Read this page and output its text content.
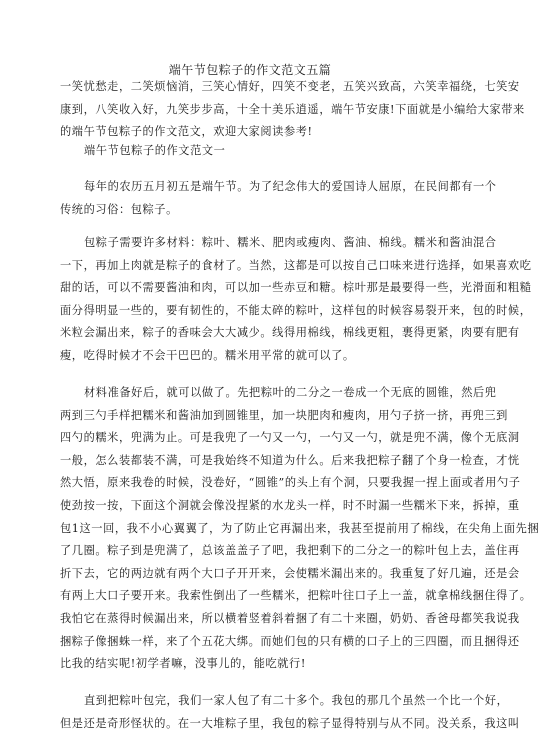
端午节包粽子的作文范文五篇
一笑忧愁走，二笑烦恼消，三笑心情好，四笑不变老，五笑兴致高，六笑幸福绕，七笑安
康到，八笑收入好，九笑步步高，十全十美乐逍遥，端午节安康!下面就是小编给大家带来
的端午节包粽子的作文范文，欢迎大家阅读参考!
端午节包粽子的作文范文一
每年的农历五月初五是端午节。为了纪念伟大的爱国诗人屈原，在民间都有一个
传统的习俗：包粽子。
包粽子需要许多材料：粽叶、糯米、肥肉或瘦肉、酱油、棉线。糯米和酱油混合
一下，再加上肉就是粽子的食材了。当然，这都是可以按自己口味来进行选择，如果喜欢吃
甜的话，可以不需要酱油和肉，可以加一些赤豆和糖。棕叶那是最要得一些，光滑面和粗糙
面分得明显一些的，要有韧性的，不能太碎的粽叶，这样包的时候容易裂开来，包的时候，
米粒会漏出来，粽子的香味会大大减少。线得用棉线，棉线更粗，裹得更紧，肉要有肥有
瘦，吃得时候才不会干巴巴的。糯米用平常的就可以了。
材料准备好后，就可以做了。先把粽叶的二分之一卷成一个无底的圆锥，然后兜
两到三勺手样把糯米和酱油加到圆锥里，加一块肥肉和瘦肉，用勺子挤一挤，再兜三到
四勺的糯米，兜满为止。可是我兜了一勺又一勺，一勺又一勺，就是兜不满，像个无底洞
一般，怎么装都装不满，可是我始终不知道为什么。后来我把粽子翻了个身一检查，才恍
然大悟，原来我卷的时候，没卷好，“圆锥”的头上有个洞，只要我握一捏上面或者用勺子
使劲按一按，下面这个洞就会像没捏紧的水龙头一样，时不时漏一些糯米下来，拆掉，重
包1这一回，我不小心翼翼了，为了防止它再漏出来，我甚至提前用了棉线，在尖角上面先捆
了几圈。粽子到是兜满了，总该盖盖子了吧，我把剩下的二分之一的粽叶包上去，盖住再
折下去，它的两边就有两个大口子开开来，会使糯米漏出来的。我重复了好几遍，还是会
有两上大口子要开来。我索性倒出了一些糯米，把粽叶往口子上一盖，就拿棉线捆住得了。
我怕它在蒸得时候漏出来，所以横着竖着斜着捆了有二十来圈，奶奶、香爸母都笑我说我
捆粽子像捆蛛一样，来了个五花大绑。而她们包的只有横的口子上的三四圈，而且捆得还
比我的结实呢!初学者嘛，没事儿的，能吃就行!
直到把粽叶包完，我们一家人包了有二十多个。我包的那几个虽然一个比一个好，
但是还是奇形怪状的。在一大堆粽子里，我包的粽子显得特别与从不同。没关系，我这叫
